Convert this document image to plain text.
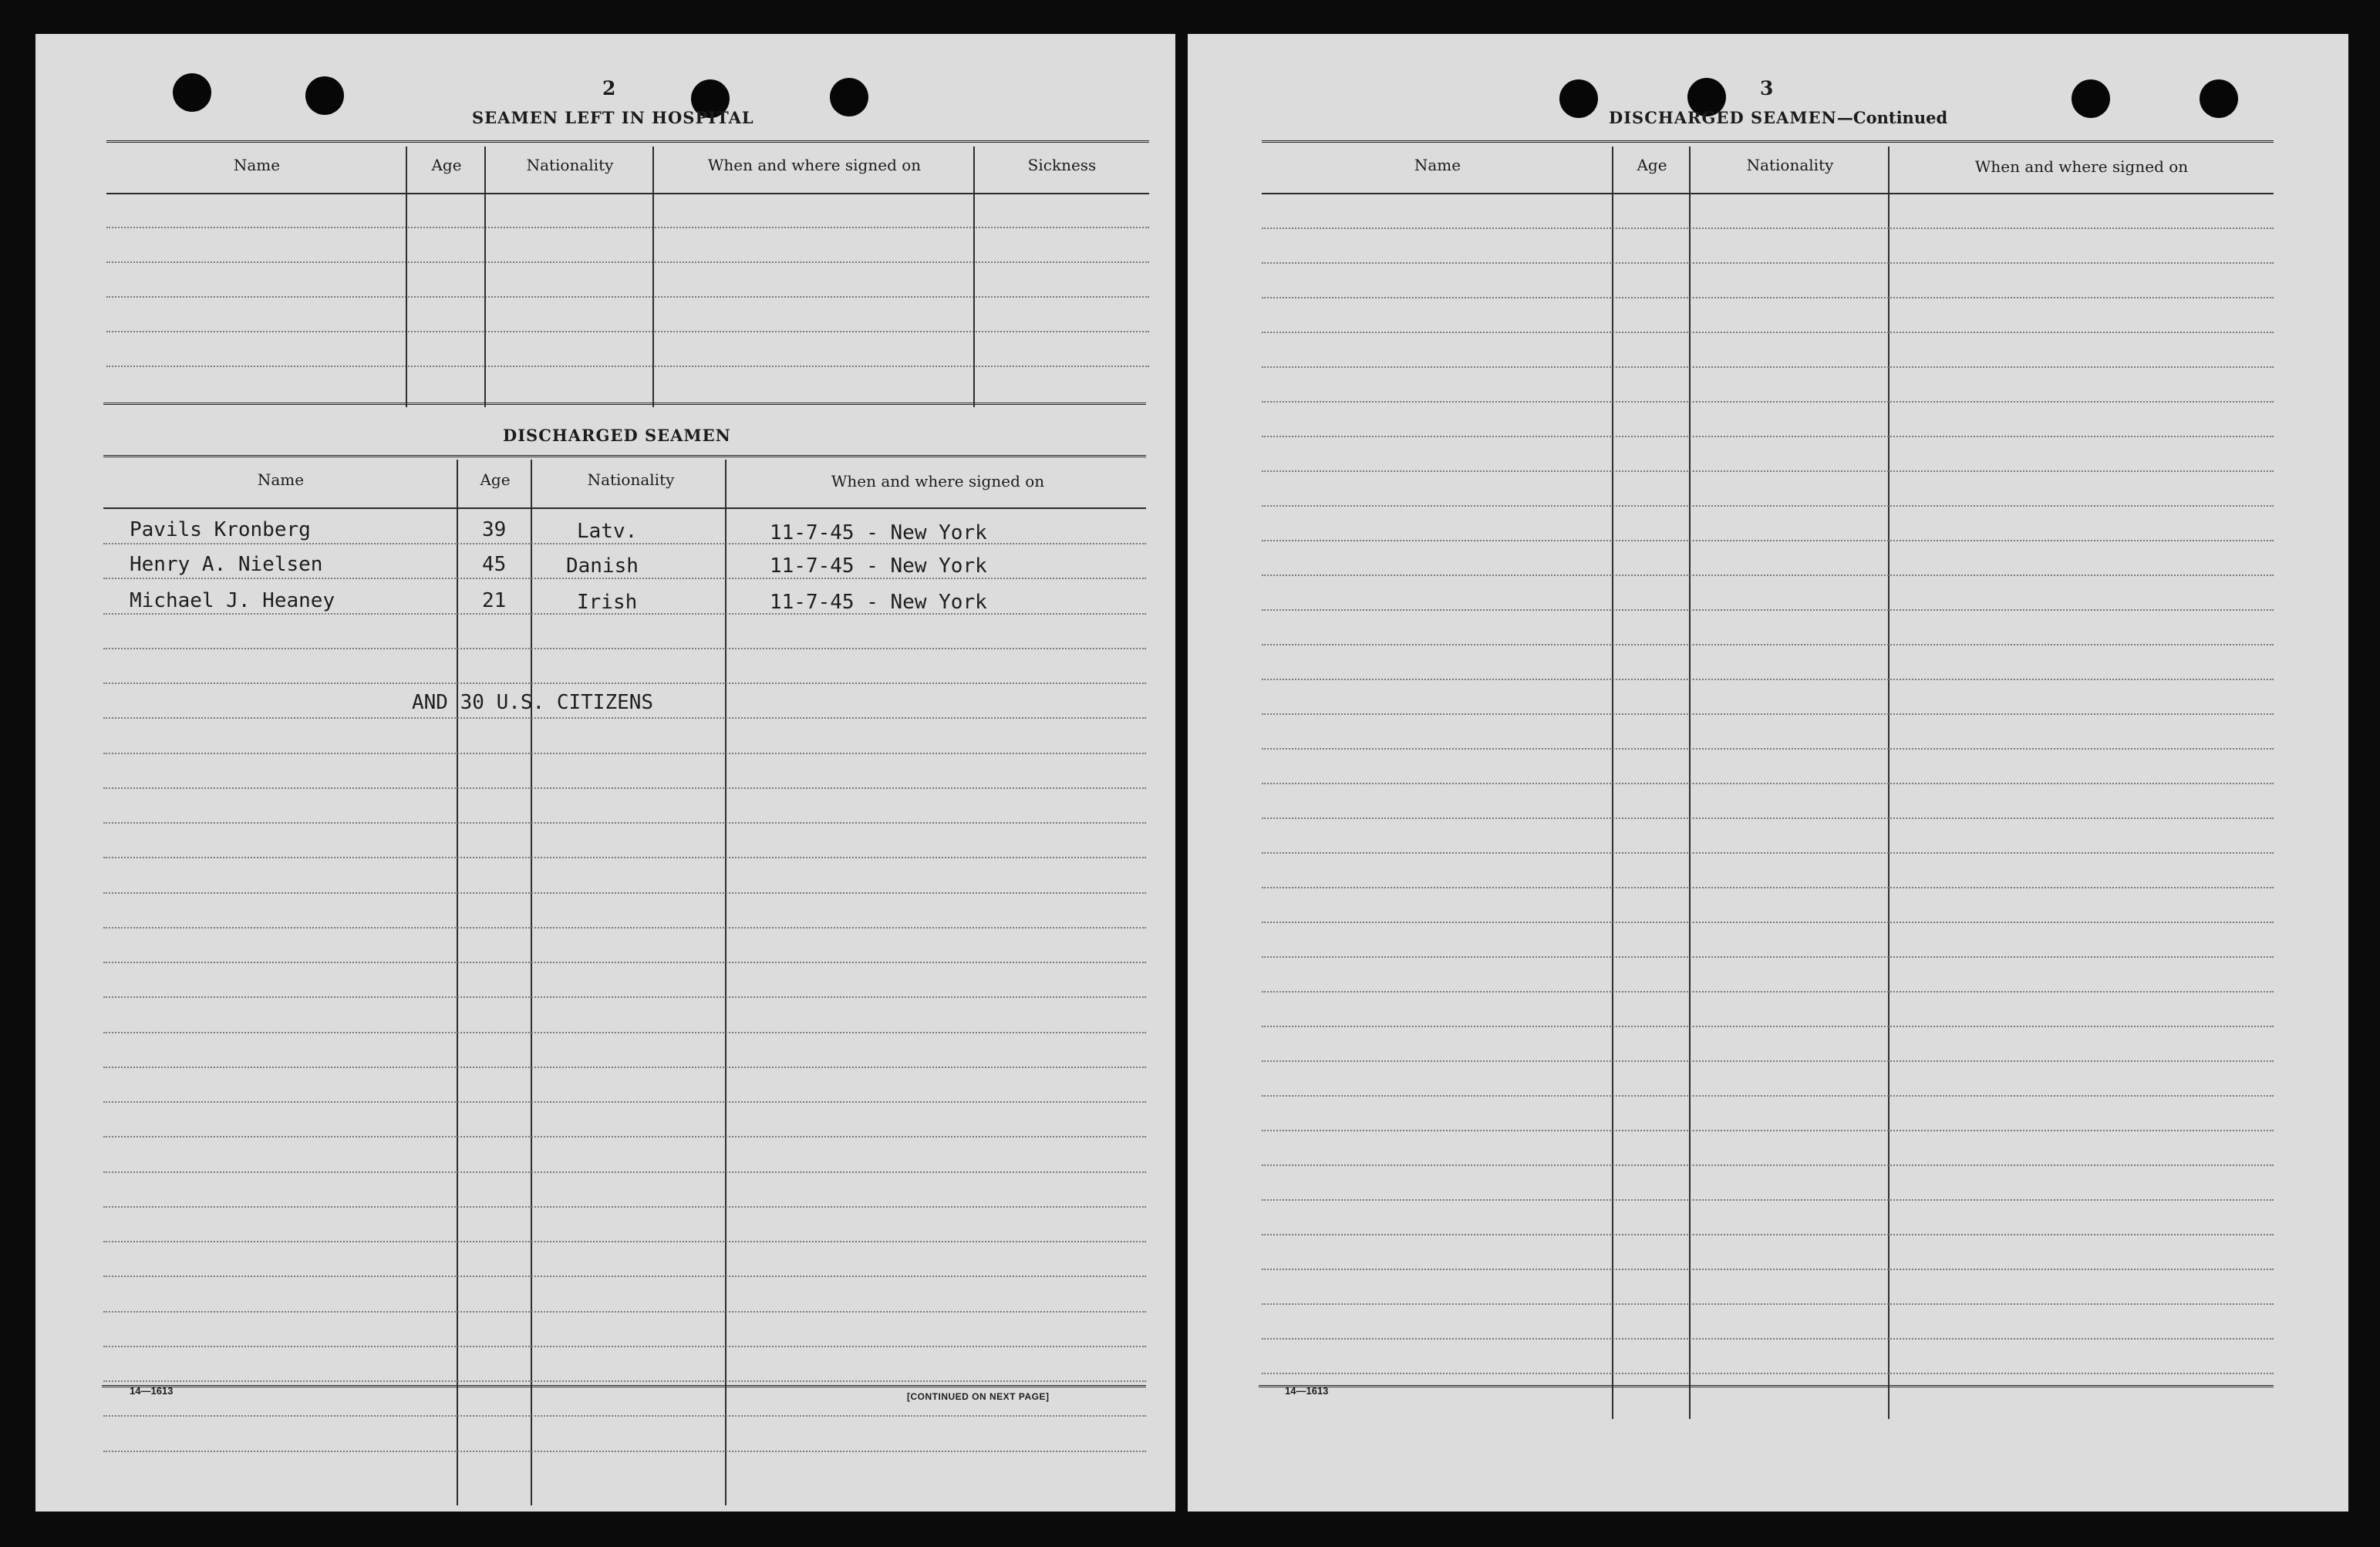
2
SEAMEN LEFT IN HOSPITAL
Name	Age	Nationality	When and where signed on	Sickness
DISCHARGED SEAMEN
Name	Age	Nationality	When and where signed on
Pavils Kronberg	39	Latv.	11-7-45 - New York
Henry A. Nielsen	45	Danish	11-7-45 - New York
Michael J. Heaney	21	Irish	11-7-45 - New York
AND 30 U.S. CITIZENS
14—1613	[CONTINUED ON NEXT PAGE]
3
DISCHARGED SEAMEN—Continued
Name	Age	Nationality	When and where signed on
14—1613
